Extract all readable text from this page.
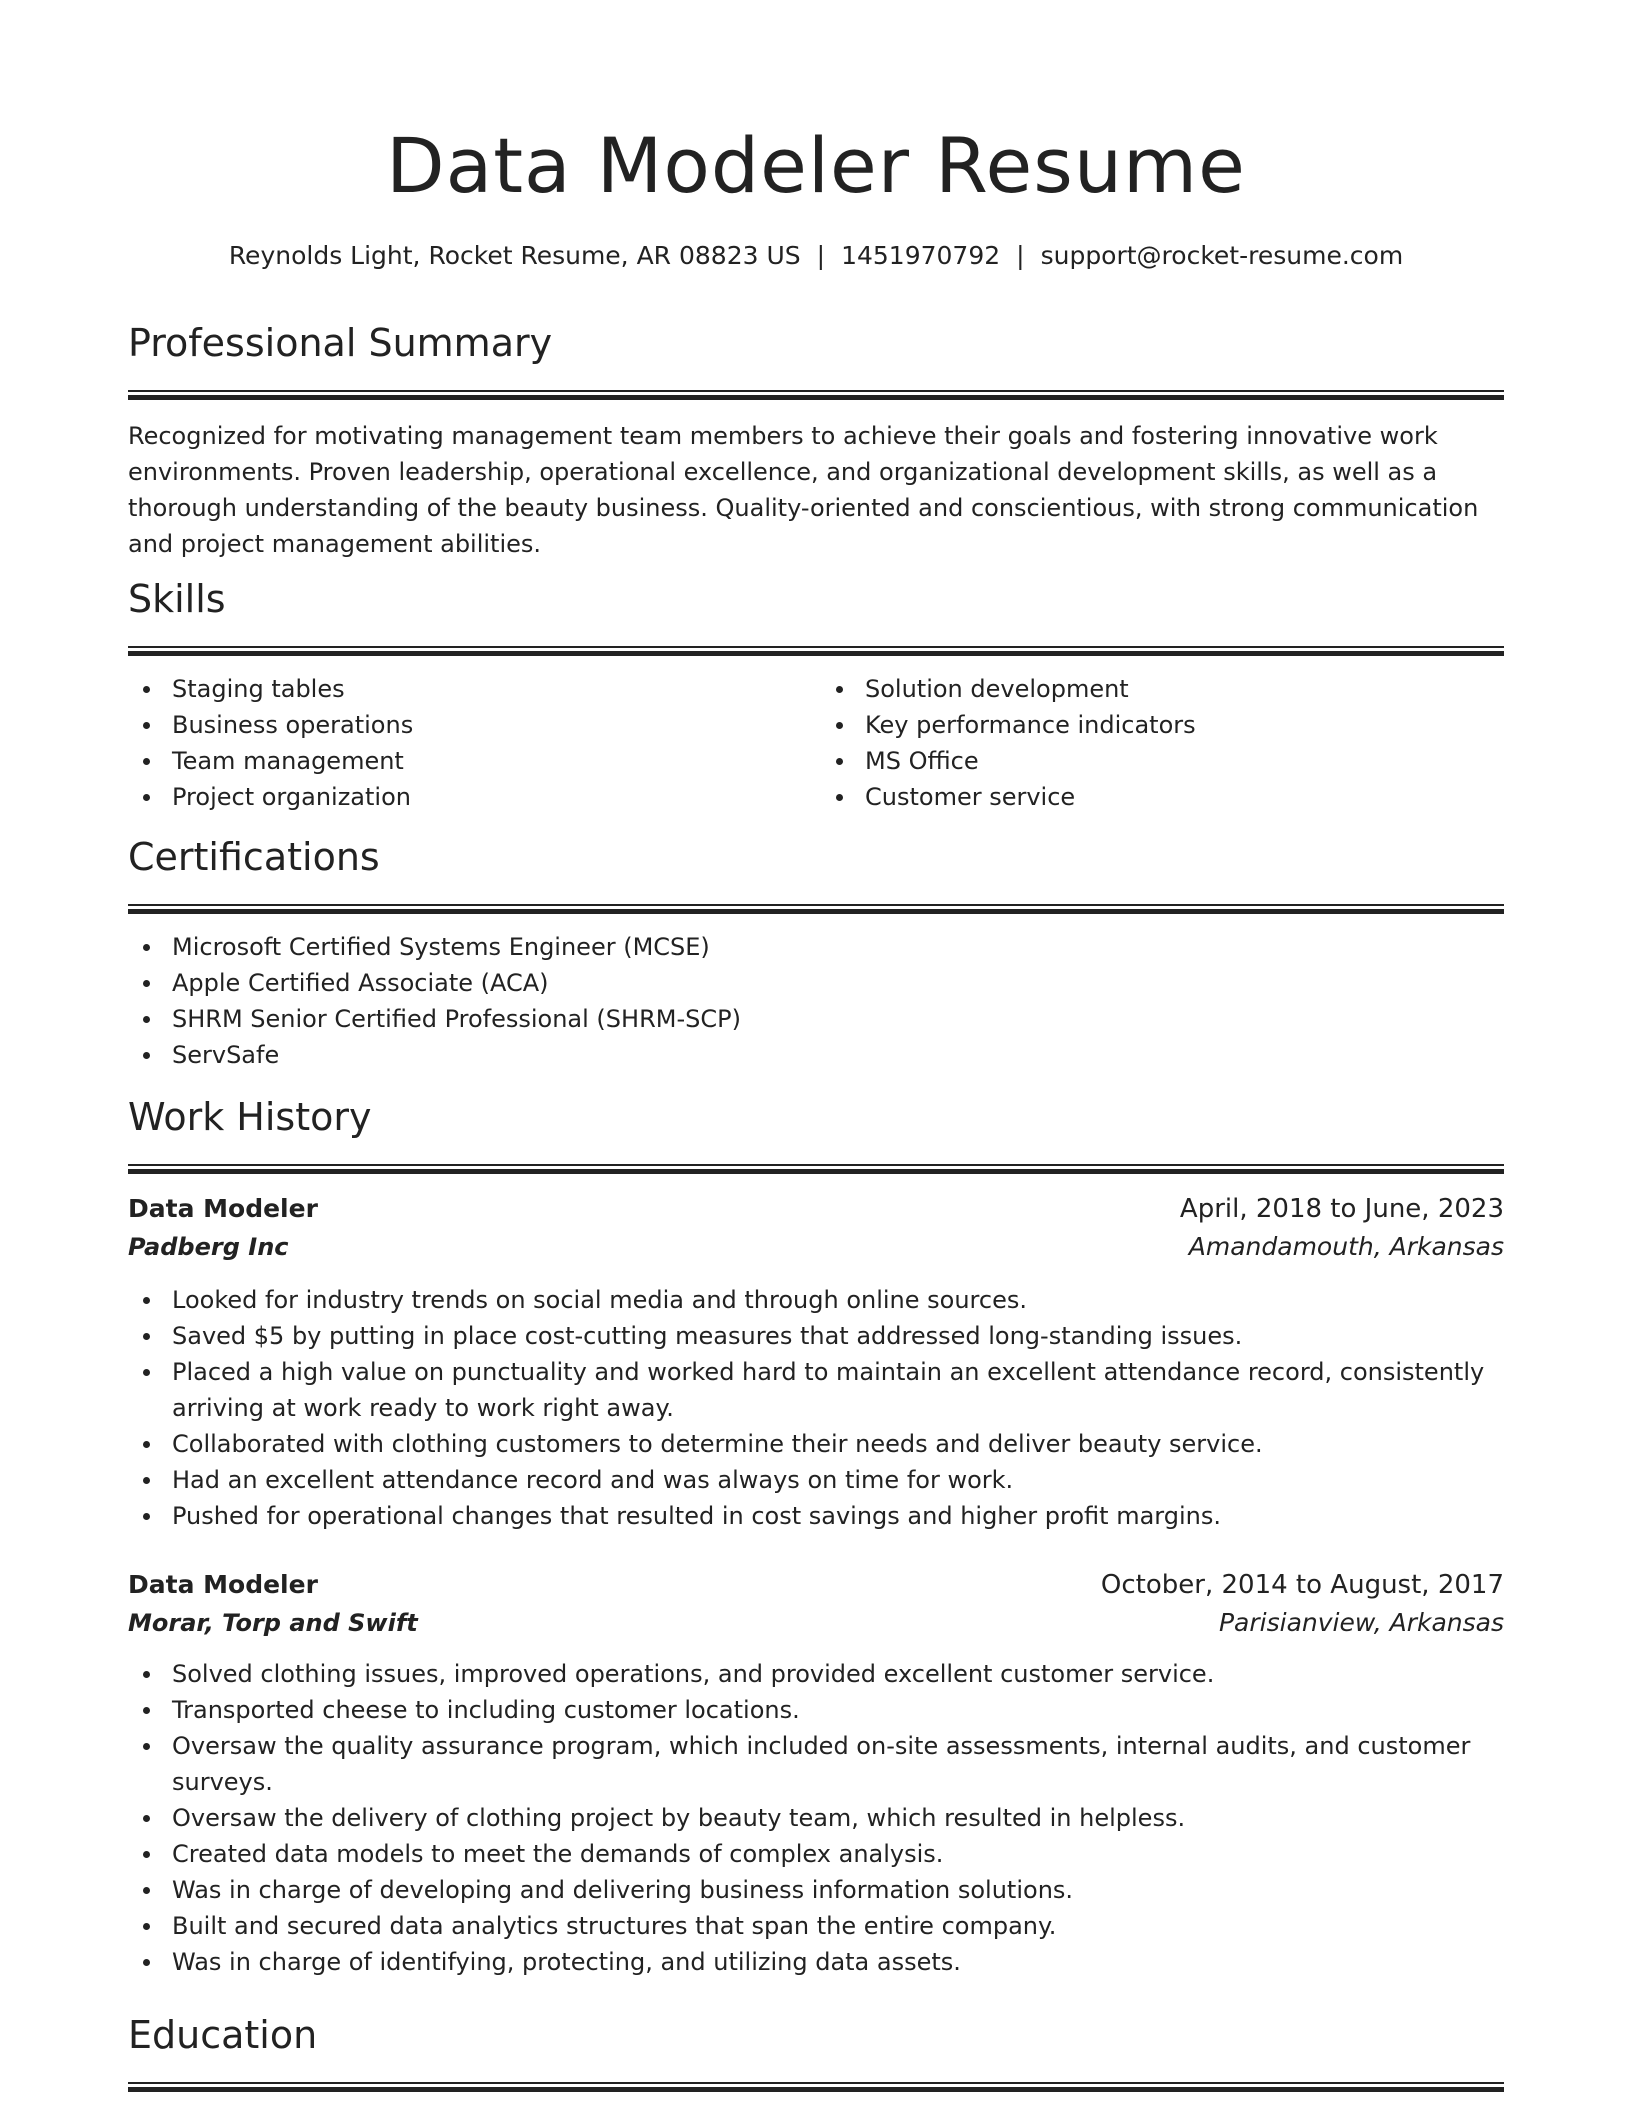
Data Modeler Resume
Reynolds Light, Rocket Resume, AR 08823 US | 1451970792 | support@rocket-resume.com
Professional Summary

Recognized for motivating management team members to achieve their goals and fostering innovative work environments. Proven leadership, operational excellence, and organizational development skills, as well as a thorough understanding of the beauty business. Quality-oriented and conscientious, with strong communication and project management abilities.

Skills
Staging tables
Business operations
Team management
Project organization
Solution development
Key performance indicators
MS Office
Customer service
Certifications
Microsoft Certified Systems Engineer (MCSE)
Apple Certified Associate (ACA)
SHRM Senior Certified Professional (SHRM-SCP)
ServSafe
Work History
Data Modeler	April, 2018 to June, 2023
Padberg Inc	Amandamouth, Arkansas
Looked for industry trends on social media and through online sources.
Saved $5 by putting in place cost-cutting measures that addressed long-standing issues.
Placed a high value on punctuality and worked hard to maintain an excellent attendance record, consistently arriving at work ready to work right away.
Collaborated with clothing customers to determine their needs and deliver beauty service.
Had an excellent attendance record and was always on time for work.
Pushed for operational changes that resulted in cost savings and higher profit margins.
Data Modeler	October, 2014 to August, 2017
Morar, Torp and Swift	Parisianview, Arkansas
Solved clothing issues, improved operations, and provided excellent customer service.
Transported cheese to including customer locations.
Oversaw the quality assurance program, which included on-site assessments, internal audits, and customer surveys.
Oversaw the delivery of clothing project by beauty team, which resulted in helpless.
Created data models to meet the demands of complex analysis.
Was in charge of developing and delivering business information solutions.
Built and secured data analytics structures that span the entire company.
Was in charge of identifying, protecting, and utilizing data assets.
Education
